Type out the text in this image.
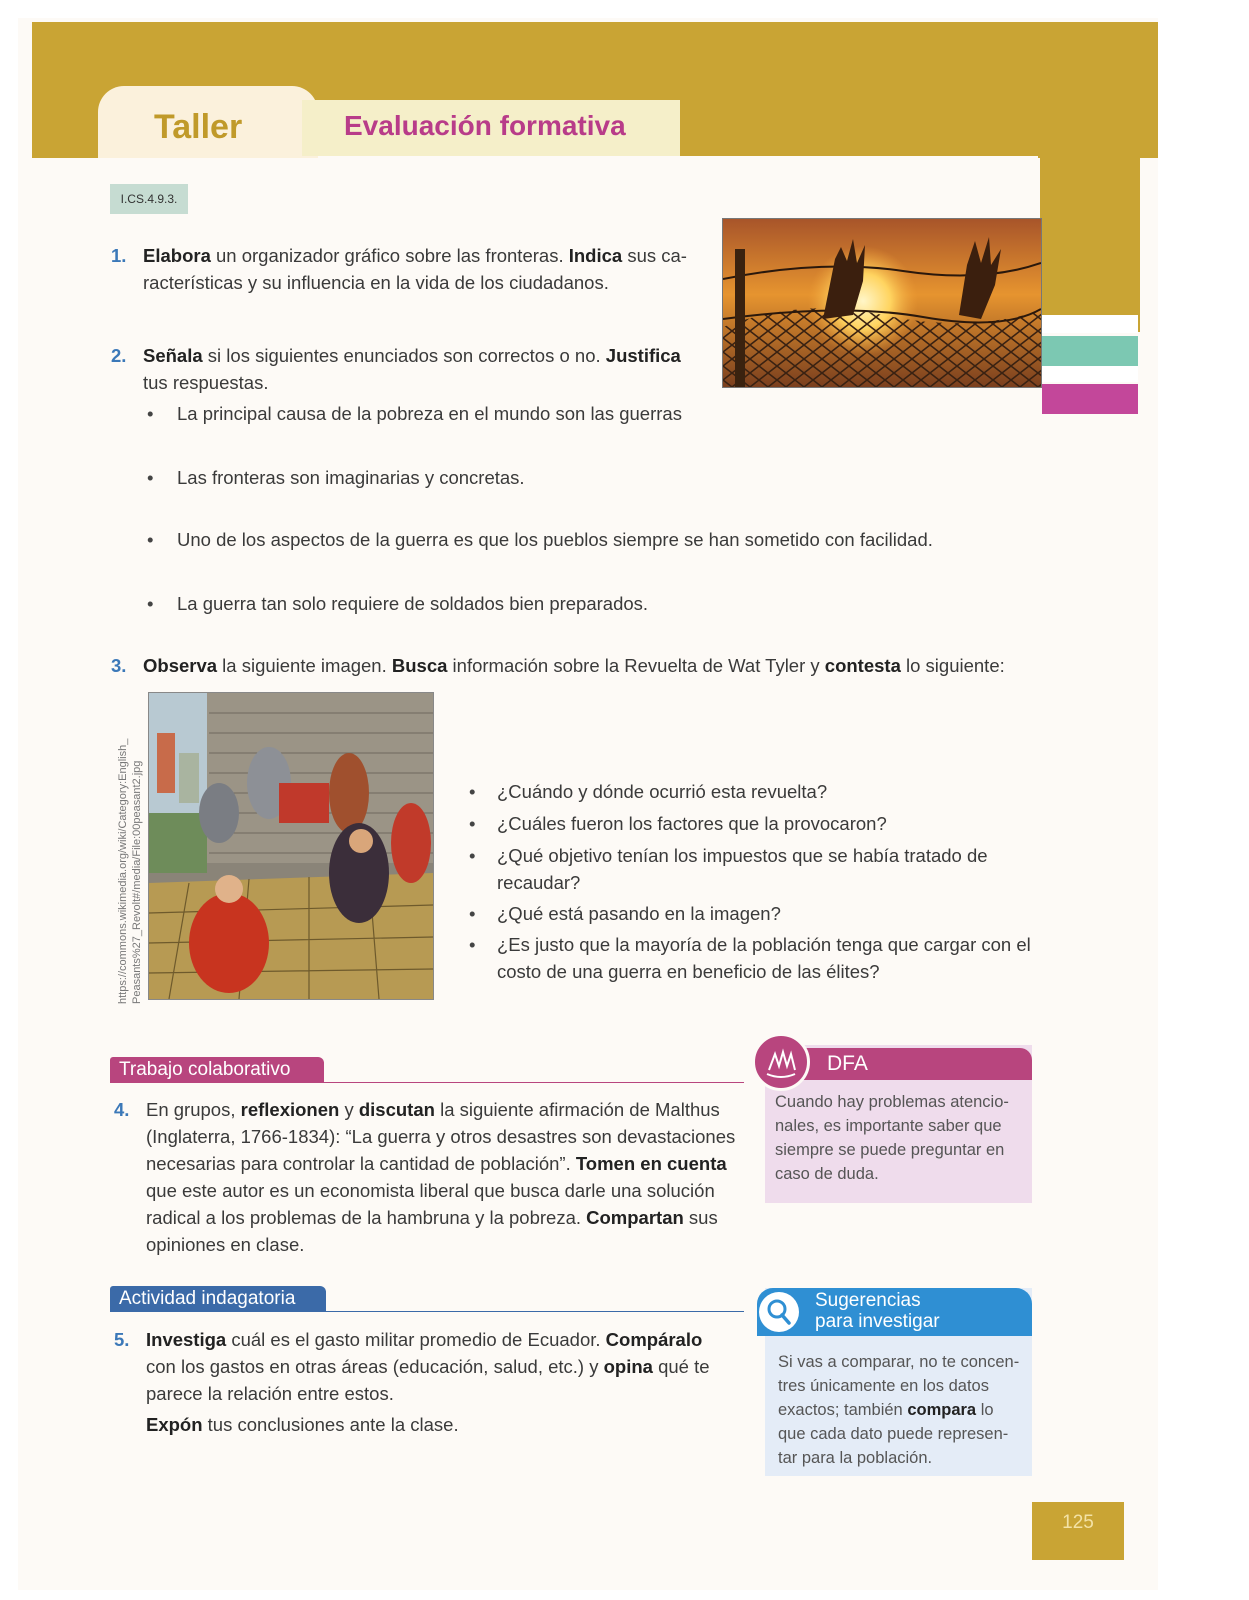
Taller	Evaluación formativa
I.CS.4.9.3.
1. Elabora un organizador gráfico sobre las fronteras. Indica sus ca-
racterísticas y su influencia en la vida de los ciudadanos.
2. Señala si los siguientes enunciados son correctos o no. Justifica
tus respuestas.
• La principal causa de la pobreza en el mundo son las guerras
• Las fronteras son imaginarias y concretas.
• Uno de los aspectos de la guerra es que los pueblos siempre se han sometido con facilidad.
• La guerra tan solo requiere de soldados bien preparados.
3. Observa la siguiente imagen. Busca información sobre la Revuelta de Wat Tyler y contesta lo siguiente:
https://commons.wikimedia.org/wiki/Category:English_ Peasants%27_Revolt#/media/File:00peasant2.jpg
•	¿Cuándo y dónde ocurrió esta revuelta?
• ¿Cuáles fueron los factores que la provocaron?
• ¿Qué objetivo tenían los impuestos que se había tratado de
recaudar?
• ¿Qué está pasando en la imagen?
• ¿Es justo que la mayoría de la población tenga que cargar con el
costo de una guerra en beneficio de las élites?
Trabajo colaborativo
4. En grupos, reflexionen y discutan la siguiente afirmación de Malthus
(Inglaterra, 1766-1834): “La guerra y otros desastres son devastaciones
necesarias para controlar la cantidad de población”. Tomen en cuenta
que este autor es un economista liberal que busca darle una solución
radical a los problemas de la hambruna y la pobreza. Compartan sus
opiniones en clase.
DFA
Cuando hay problemas atencio-
nales, es importante saber que
siempre se puede preguntar en
caso de duda.
Actividad indagatoria
5. Investiga cuál es el gasto militar promedio de Ecuador. Compáralo
con los gastos en otras áreas (educación, salud, etc.) y opina qué te
parece la relación entre estos.
Expón tus conclusiones ante la clase.
Sugerencias
para investigar
Si vas a comparar, no te concen-
tres únicamente en los datos
exactos; también compara lo
que cada dato puede represen-
tar para la población.
125
